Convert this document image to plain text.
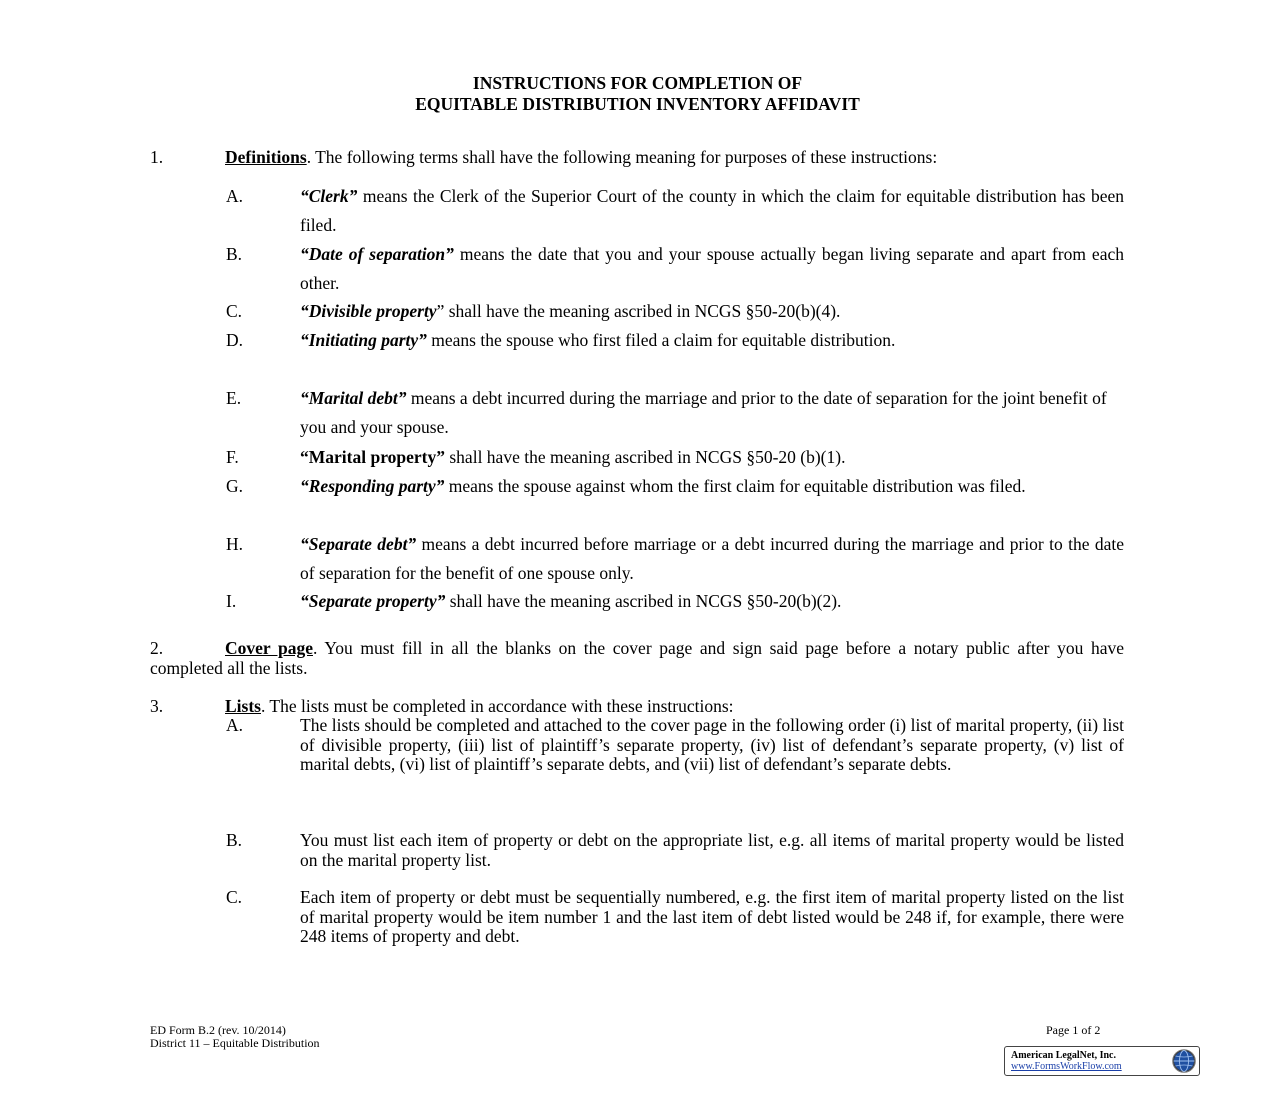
INSTRUCTIONS FOR COMPLETION OF
EQUITABLE DISTRIBUTION INVENTORY AFFIDAVIT
1.	Definitions. The following terms shall have the following meaning for purposes of these instructions:
A.	“Clerk” means the Clerk of the Superior Court of the county in which the claim for equitable distribution has been filed.
B.	“Date of separation” means the date that you and your spouse actually began living separate and apart from each other.
C.	“Divisible property” shall have the meaning ascribed in NCGS §50-20(b)(4).
D.	“Initiating party” means the spouse who first filed a claim for equitable distribution.
E.	“Marital debt” means a debt incurred during the marriage and prior to the date of separation for the joint benefit of you and your spouse.
F.	“Marital property” shall have the meaning ascribed in NCGS §50-20 (b)(1).
G.	“Responding party” means the spouse against whom the first claim for equitable distribution was filed.
H.	“Separate debt” means a debt incurred before marriage or a debt incurred during the marriage and prior to the date of separation for the benefit of one spouse only.
I.	“Separate property” shall have the meaning ascribed in NCGS §50-20(b)(2).
2.	Cover page. You must fill in all the blanks on the cover page and sign said page before a notary public after you have completed all the lists.
3.	Lists. The lists must be completed in accordance with these instructions:
A.	The lists should be completed and attached to the cover page in the following order (i) list of marital property, (ii) list of divisible property, (iii) list of plaintiff’s separate property, (iv) list of defendant’s separate property, (v) list of marital debts, (vi) list of plaintiff’s separate debts, and (vii) list of defendant’s separate debts.
B.	You must list each item of property or debt on the appropriate list, e.g. all items of marital property would be listed on the marital property list.
C.	Each item of property or debt must be sequentially numbered, e.g. the first item of marital property listed on the list of marital property would be item number 1 and the last item of debt listed would be 248 if, for example, there were 248 items of property and debt.
ED Form B.2 (rev. 10/2014)
District 11 – Equitable Distribution
Page 1 of 2
American LegalNet, Inc.
www.FormsWorkFlow.com
